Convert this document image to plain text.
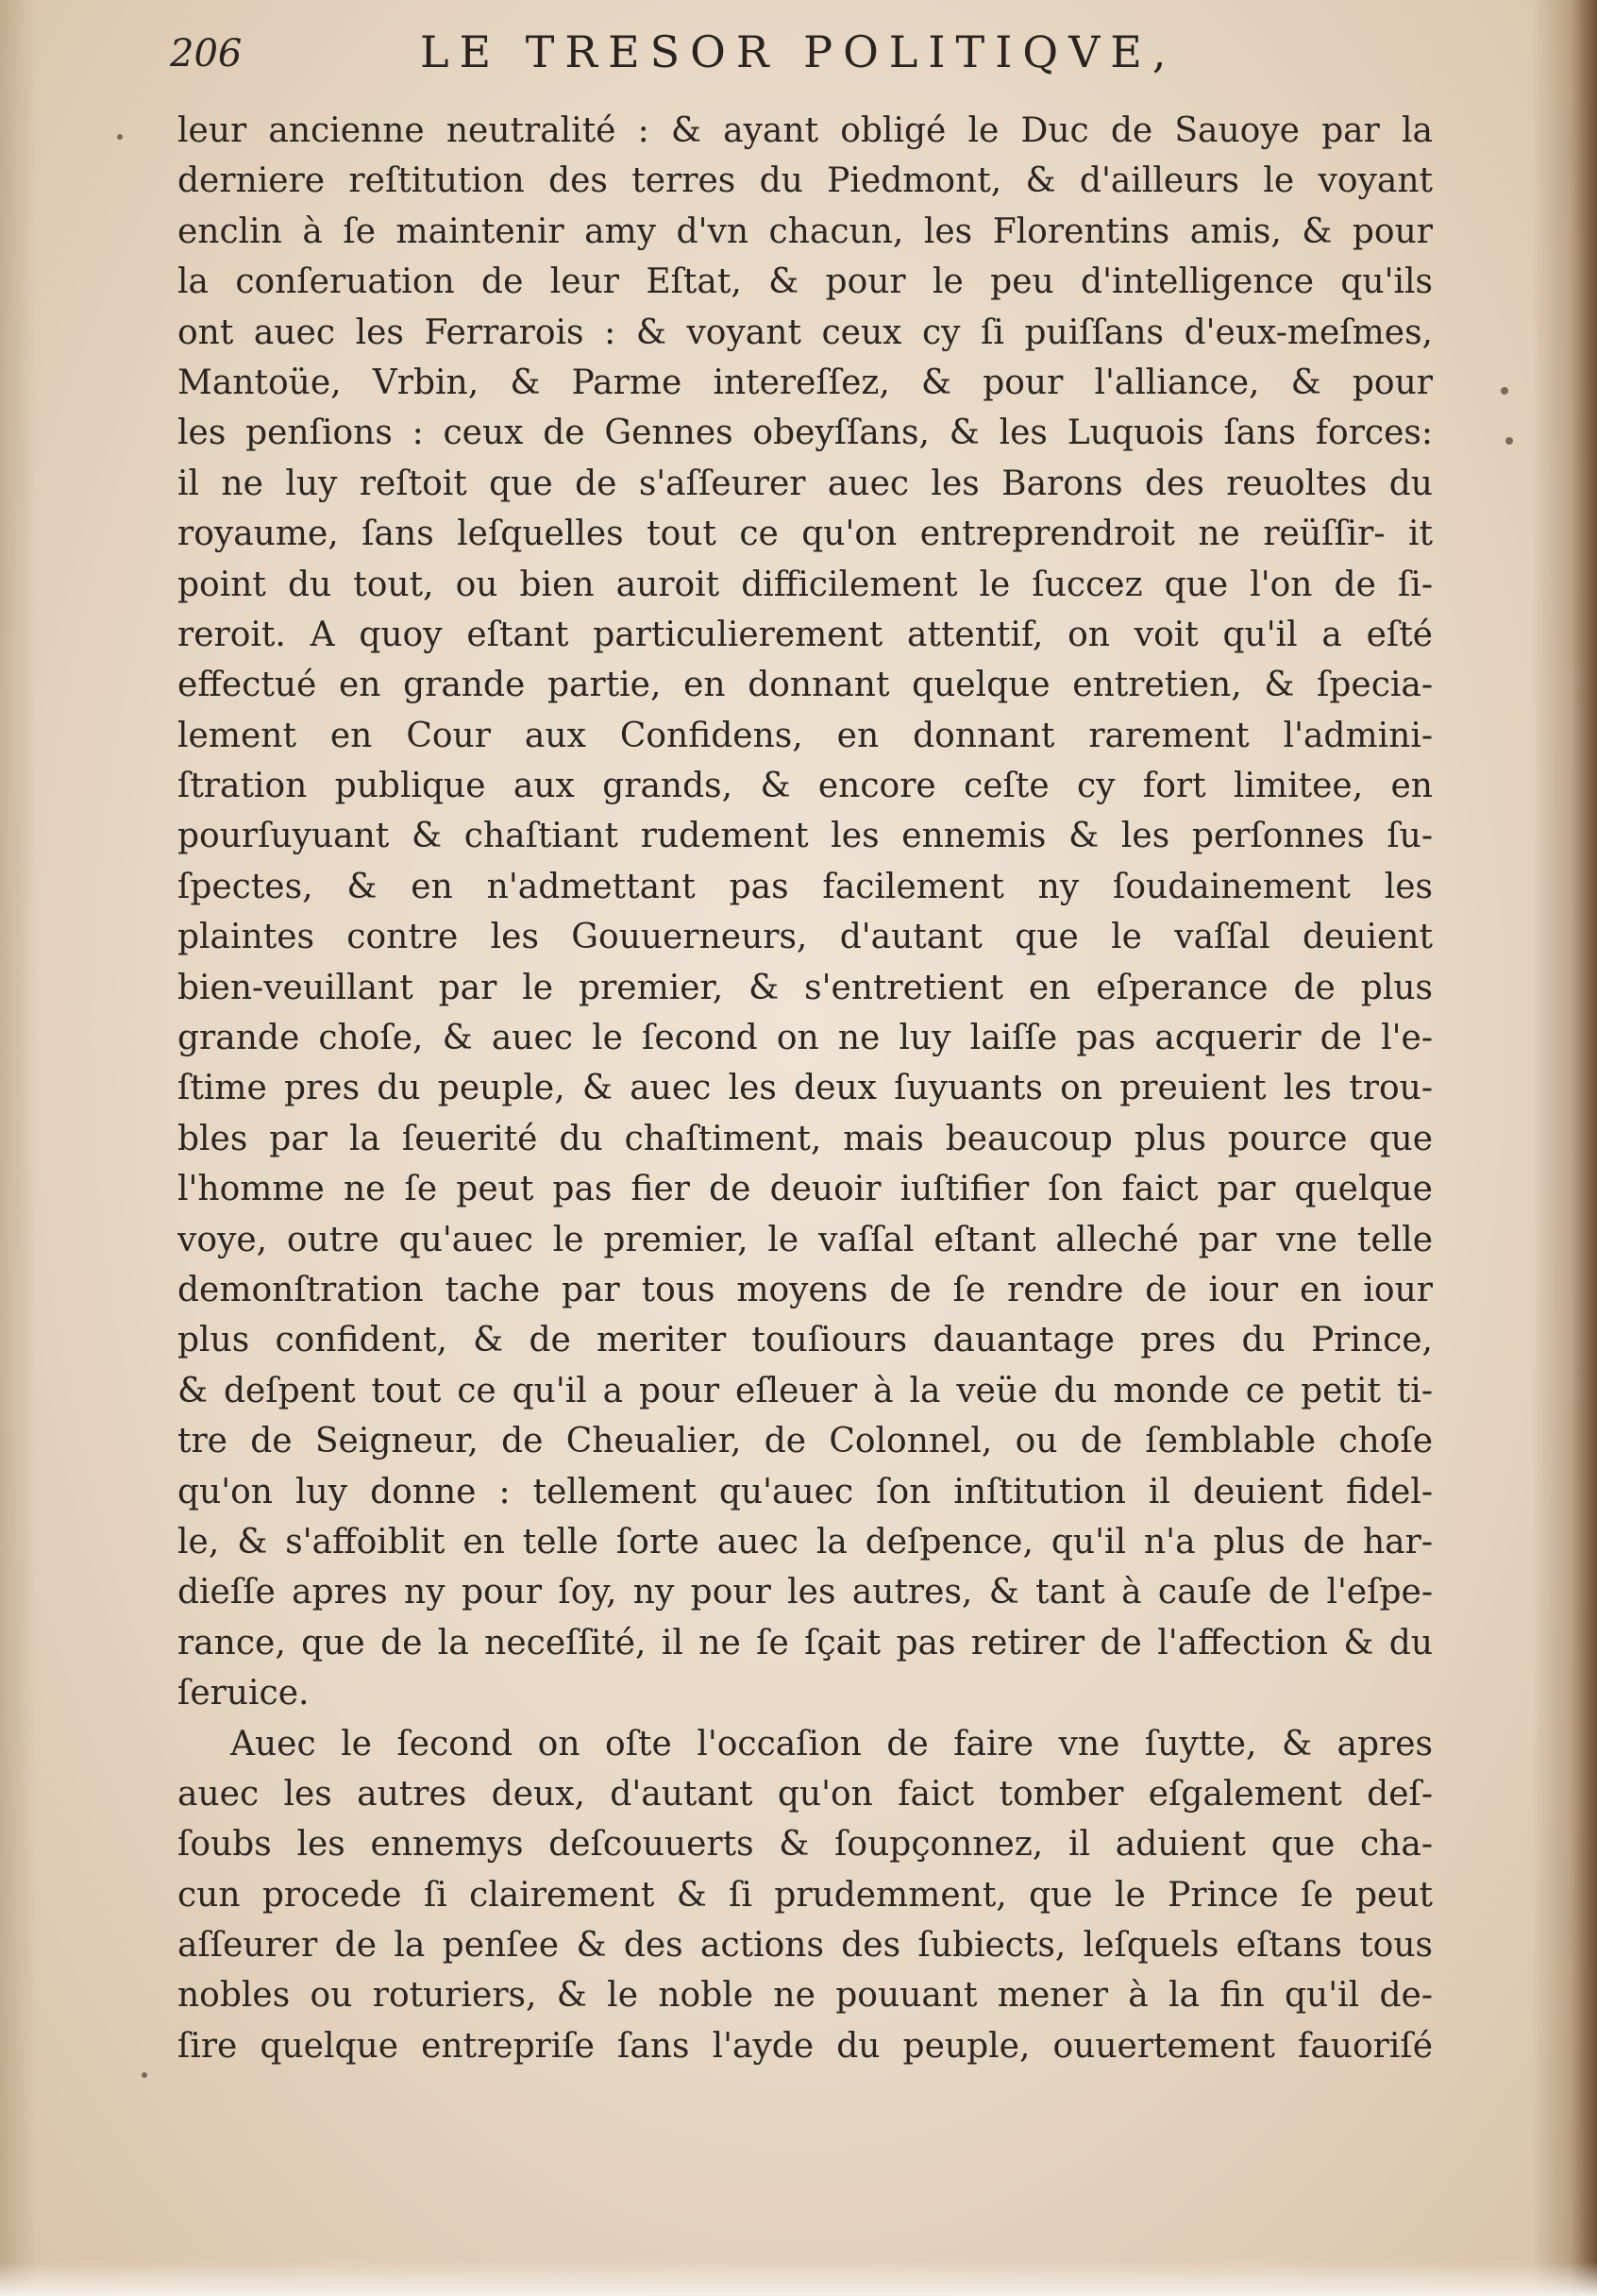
206	LE TRESOR POLITIQVE,
leur ancienne neutralité : & ayant obligé le Duc de Sauoye par la
derniere reſtitution des terres du Piedmont, & d'ailleurs le voyant
enclin à ſe maintenir amy d'vn chacun, les Florentins amis, & pour
la conſeruation de leur Eſtat, & pour le peu d'intelligence qu'ils
ont auec les Ferrarois : & voyant ceux cy ſi puiſſans d'eux-meſmes,
Mantoüe, Vrbin, & Parme intereſſez, & pour l'alliance, & pour
les penſions : ceux de Gennes obeyſſans, & les Luquois ſans forces:
il ne luy reſtoit que de s'aſſeurer auec les Barons des reuoltes du
royaume, ſans leſquelles tout ce qu'on entreprendroit ne reüſſir- it
point du tout, ou bien auroit difficilement le ſuccez que l'on de ſi-
reroit. A quoy eſtant particulierement attentif, on voit qu'il a eſté
effectué en grande partie, en donnant quelque entretien, & ſpecia-
lement en Cour aux Confidens, en donnant rarement l'admini-
ſtration publique aux grands, & encore ceſte cy fort limitee, en
pourſuyuant & chaſtiant rudement les ennemis & les perſonnes ſu-
ſpectes, & en n'admettant pas facilement ny ſoudainement les
plaintes contre les Gouuerneurs, d'autant que le vaſſal deuient
bien-veuillant par le premier, & s'entretient en eſperance de plus
grande choſe, & auec le ſecond on ne luy laiſſe pas acquerir de l'e-
ſtime pres du peuple, & auec les deux ſuyuants on preuient les trou-
bles par la ſeuerité du chaſtiment, mais beaucoup plus pource que
l'homme ne ſe peut pas fier de deuoir iuſtifier ſon faict par quelque
voye, outre qu'auec le premier, le vaſſal eſtant alleché par vne telle
demonſtration tache par tous moyens de ſe rendre de iour en iour
plus confident, & de meriter touſiours dauantage pres du Prince,
& deſpent tout ce qu'il a pour eſleuer à la veüe du monde ce petit ti-
tre de Seigneur, de Cheualier, de Colonnel, ou de ſemblable choſe
qu'on luy donne : tellement qu'auec ſon inſtitution il deuient fidel-
le, & s'affoiblit en telle ſorte auec la deſpence, qu'il n'a plus de har-
dieſſe apres ny pour ſoy, ny pour les autres, & tant à cauſe de l'eſpe-
rance, que de la neceſſité, il ne ſe ſçait pas retirer de l'affection & du
ſeruice.
Auec le ſecond on oſte l'occaſion de faire vne ſuytte, & apres
auec les autres deux, d'autant qu'on faict tomber eſgalement deſ-
ſoubs les ennemys deſcouuerts & ſoupçonnez, il aduient que cha-
cun procede ſi clairement & ſi prudemment, que le Prince ſe peut
aſſeurer de la penſee & des actions des ſubiects, leſquels eſtans tous
nobles ou roturiers, & le noble ne pouuant mener à la fin qu'il de-
ſire quelque entrepriſe ſans l'ayde du peuple, ouuertement fauoriſé
